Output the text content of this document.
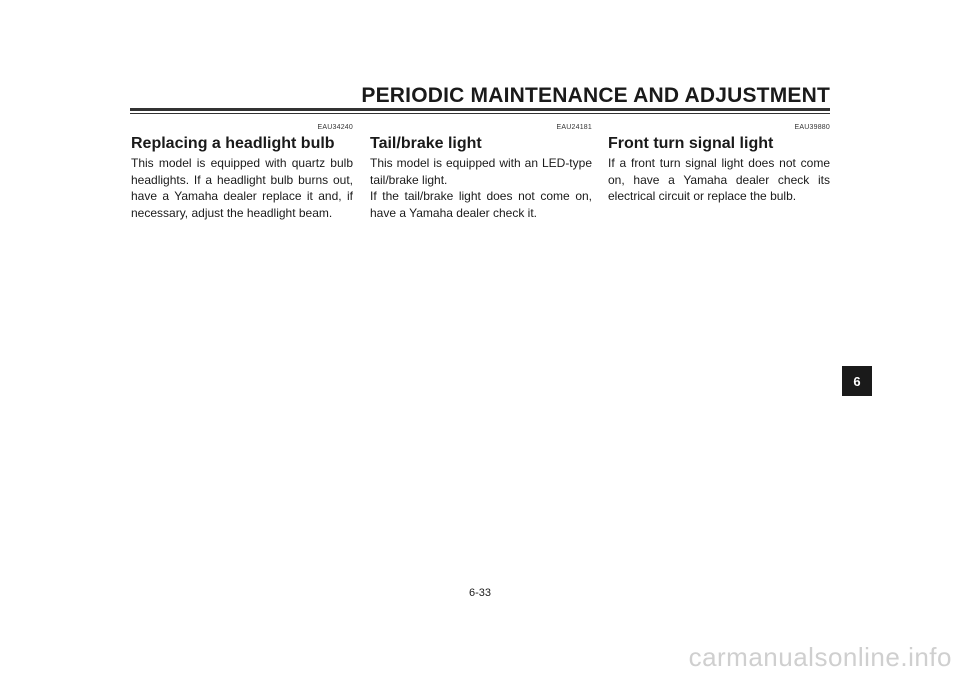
PERIODIC MAINTENANCE AND ADJUSTMENT
EAU34240
Replacing a headlight bulb

This model is equipped with quartz bulb headlights. If a headlight bulb burns out, have a Yamaha dealer replace it and, if necessary, adjust the headlight beam.

EAU24181
Tail/brake light

This model is equipped with an LED-type tail/brake light.

If the tail/brake light does not come on, have a Yamaha dealer check it.

EAU39880
Front turn signal light

If a front turn signal light does not come on, have a Yamaha dealer check its electrical circuit or replace the bulb.

6
6-33
carmanualsonline.info
